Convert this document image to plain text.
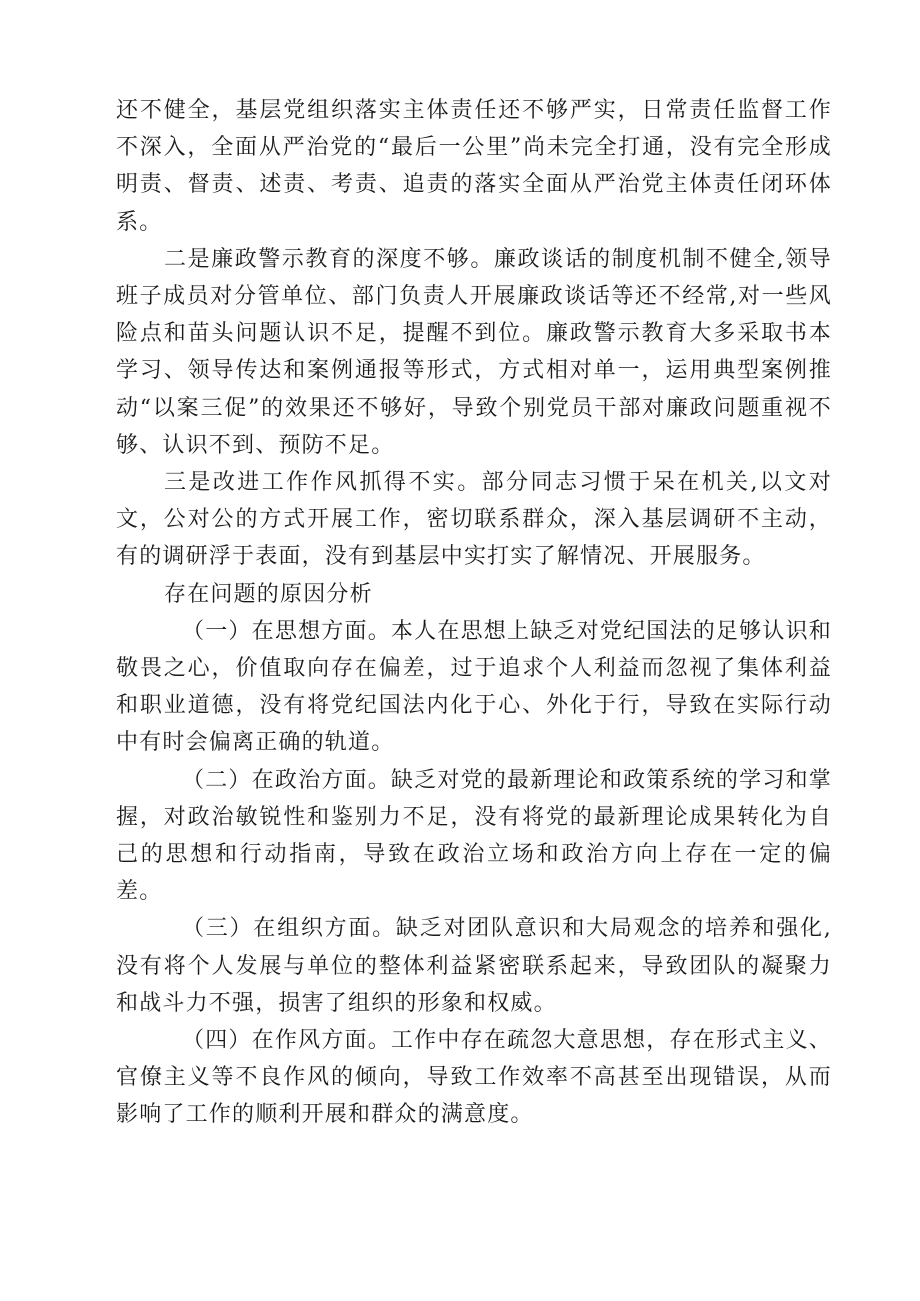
还不健全，基层党组织落实主体责任还不够严实，日常责任监督工作不深入，全面从严治党的“最后一公里”尚未完全打通，没有完全形成明责、督责、述责、考责、追责的落实全面从严治党主体责任闭环体系。

二是廉政警示教育的深度不够。廉政谈话的制度机制不健全,领导班子成员对分管单位、部门负责人开展廉政谈话等还不经常,对一些风险点和苗头问题认识不足，提醒不到位。廉政警示教育大多采取书本学习、领导传达和案例通报等形式，方式相对单一，运用典型案例推动“以案三促”的效果还不够好，导致个别党员干部对廉政问题重视不够、认识不到、预防不足。

三是改进工作作风抓得不实。部分同志习惯于呆在机关,以文对文，公对公的方式开展工作，密切联系群众，深入基层调研不主动，有的调研浮于表面，没有到基层中实打实了解情况、开展服务。

存在问题的原因分析

（一）在思想方面。本人在思想上缺乏对党纪国法的足够认识和敬畏之心，价值取向存在偏差，过于追求个人利益而忽视了集体利益和职业道德，没有将党纪国法内化于心、外化于行，导致在实际行动中有时会偏离正确的轨道。

（二）在政治方面。缺乏对党的最新理论和政策系统的学习和掌握，对政治敏锐性和鉴别力不足，没有将党的最新理论成果转化为自己的思想和行动指南，导致在政治立场和政治方向上存在一定的偏差。

（三）在组织方面。缺乏对团队意识和大局观念的培养和强化,没有将个人发展与单位的整体利益紧密联系起来，导致团队的凝聚力和战斗力不强，损害了组织的形象和权威。

（四）在作风方面。工作中存在疏忽大意思想，存在形式主义、官僚主义等不良作风的倾向，导致工作效率不高甚至出现错误，从而影响了工作的顺利开展和群众的满意度。
